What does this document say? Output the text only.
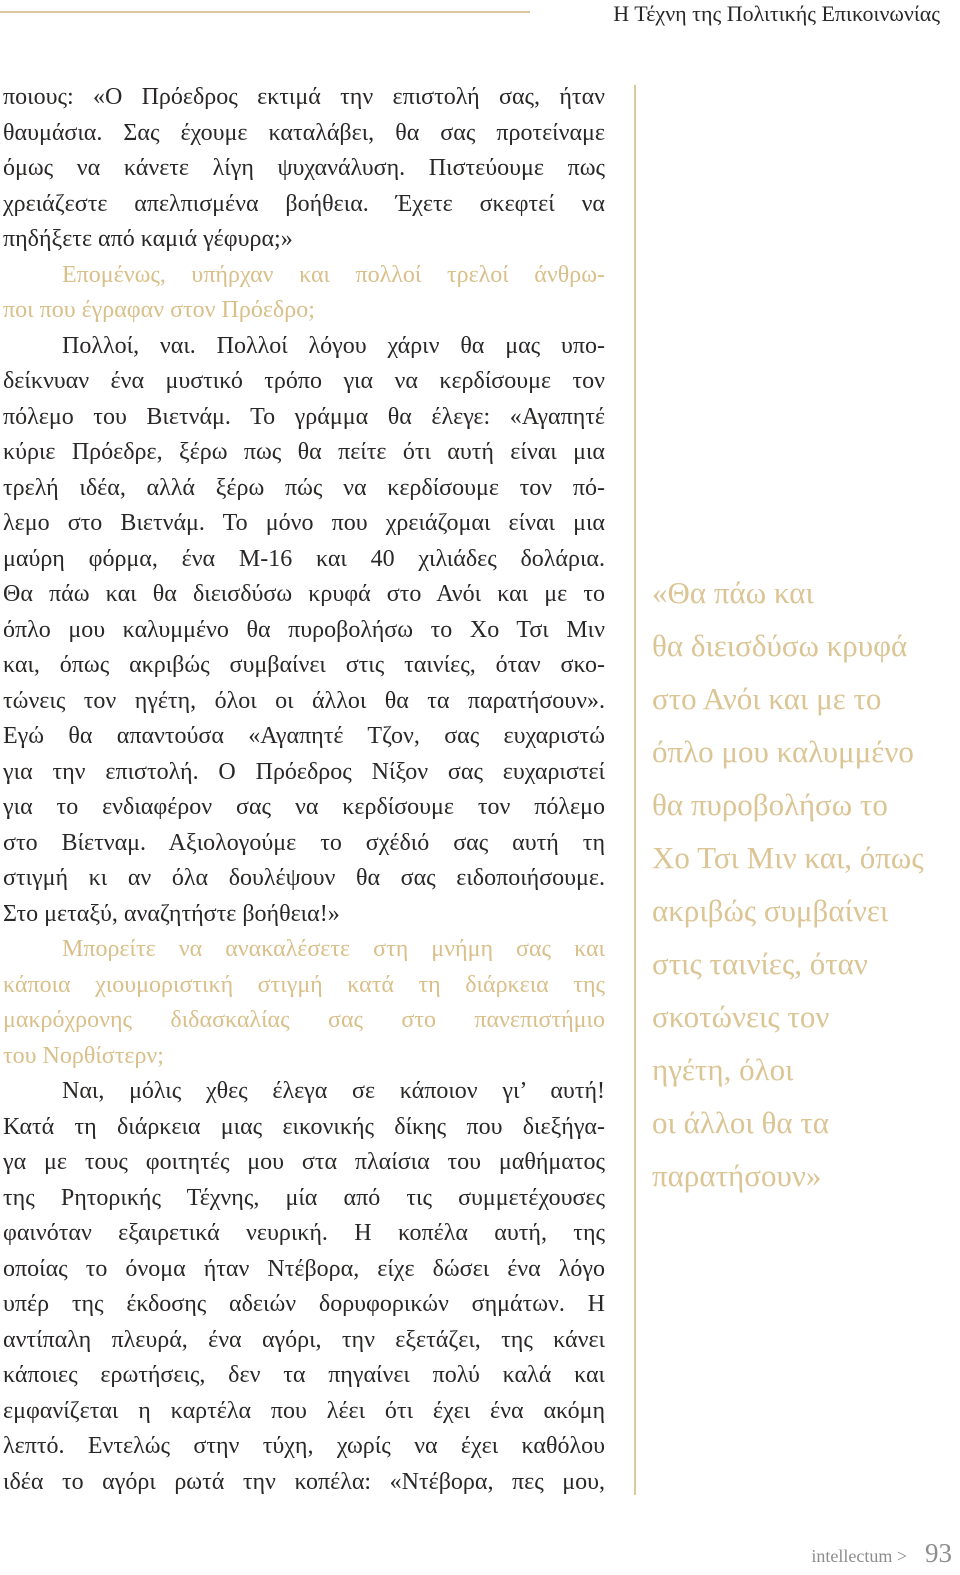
Η Τέχνη της Πολιτικής Επικοινωνίας
ποιους: «Ο Πρόεδρος εκτιμά την επιστολή σας, ήταν
θαυμάσια. Σας έχουμε καταλάβει, θα σας προτείναμε
όμως να κάνετε λίγη ψυχανάλυση. Πιστεύουμε πως
χρειάζεστε απελπισμένα βοήθεια. Έχετε σκεφτεί να
πηδήξετε από καμιά γέφυρα;»
Επομένως, υπήρχαν και πολλοί τρελοί άνθρω-
ποι που έγραφαν στον Πρόεδρο;
Πολλοί, ναι. Πολλοί λόγου χάριν θα μας υπο-
δείκνυαν ένα μυστικό τρόπο για να κερδίσουμε τον
πόλεμο του Βιετνάμ. Το γράμμα θα έλεγε: «Αγαπητέ
κύριε Πρόεδρε, ξέρω πως θα πείτε ότι αυτή είναι μια
τρελή ιδέα, αλλά ξέρω πώς να κερδίσουμε τον πό-
λεμο στο Βιετνάμ. Το μόνο που χρειάζομαι είναι μια
μαύρη φόρμα, ένα Μ-16 και 40 χιλιάδες δολάρια.
Θα πάω και θα διεισδύσω κρυφά στο Ανόι και με το
όπλο μου καλυμμένο θα πυροβολήσω το Χο Τσι Μιν
και, όπως ακριβώς συμβαίνει στις ταινίες, όταν σκο-
τώνεις τον ηγέτη, όλοι οι άλλοι θα τα παρατήσουν».
Εγώ θα απαντούσα «Αγαπητέ Τζον, σας ευχαριστώ
για την επιστολή. Ο Πρόεδρος Νίξον σας ευχαριστεί
για το ενδιαφέρον σας να κερδίσουμε τον πόλεμο
στο Βίετναμ. Αξιολογούμε το σχέδιό σας αυτή τη
στιγμή κι αν όλα δουλέψουν θα σας ειδοποιήσουμε.
Στο μεταξύ, αναζητήστε βοήθεια!»
Μπορείτε να ανακαλέσετε στη μνήμη σας και
κάποια χιουμοριστική στιγμή κατά τη διάρκεια της
μακρόχρονης διδασκαλίας σας στο πανεπιστήμιο
του Νορθίστερν;
Ναι, μόλις χθες έλεγα σε κάποιον γι’ αυτή!
Κατά τη διάρκεια μιας εικονικής δίκης που διεξήγα-
γα με τους φοιτητές μου στα πλαίσια του μαθήματος
της Ρητορικής Τέχνης, μία από τις συμμετέχουσες
φαινόταν εξαιρετικά νευρική. Η κοπέλα αυτή, της
οποίας το όνομα ήταν Ντέβορα, είχε δώσει ένα λόγο
υπέρ της έκδοσης αδειών δορυφορικών σημάτων. Η
αντίπαλη πλευρά, ένα αγόρι, την εξετάζει, της κάνει
κάποιες ερωτήσεις, δεν τα πηγαίνει πολύ καλά και
εμφανίζεται η καρτέλα που λέει ότι έχει ένα ακόμη
λεπτό. Εντελώς στην τύχη, χωρίς να έχει καθόλου
ιδέα το αγόρι ρωτά την κοπέλα: «Ντέβορα, πες μου,
«Θα πάω και
θα διεισδύσω κρυφά
στο Ανόι και με το
όπλο μου καλυμμένο
θα πυροβολήσω το
Χο Τσι Μιν και, όπως
ακριβώς συμβαίνει
στις ταινίες, όταν
σκοτώνεις τον
ηγέτη, όλοι
οι άλλοι θα τα
παρατήσουν»
intellectum > 93
